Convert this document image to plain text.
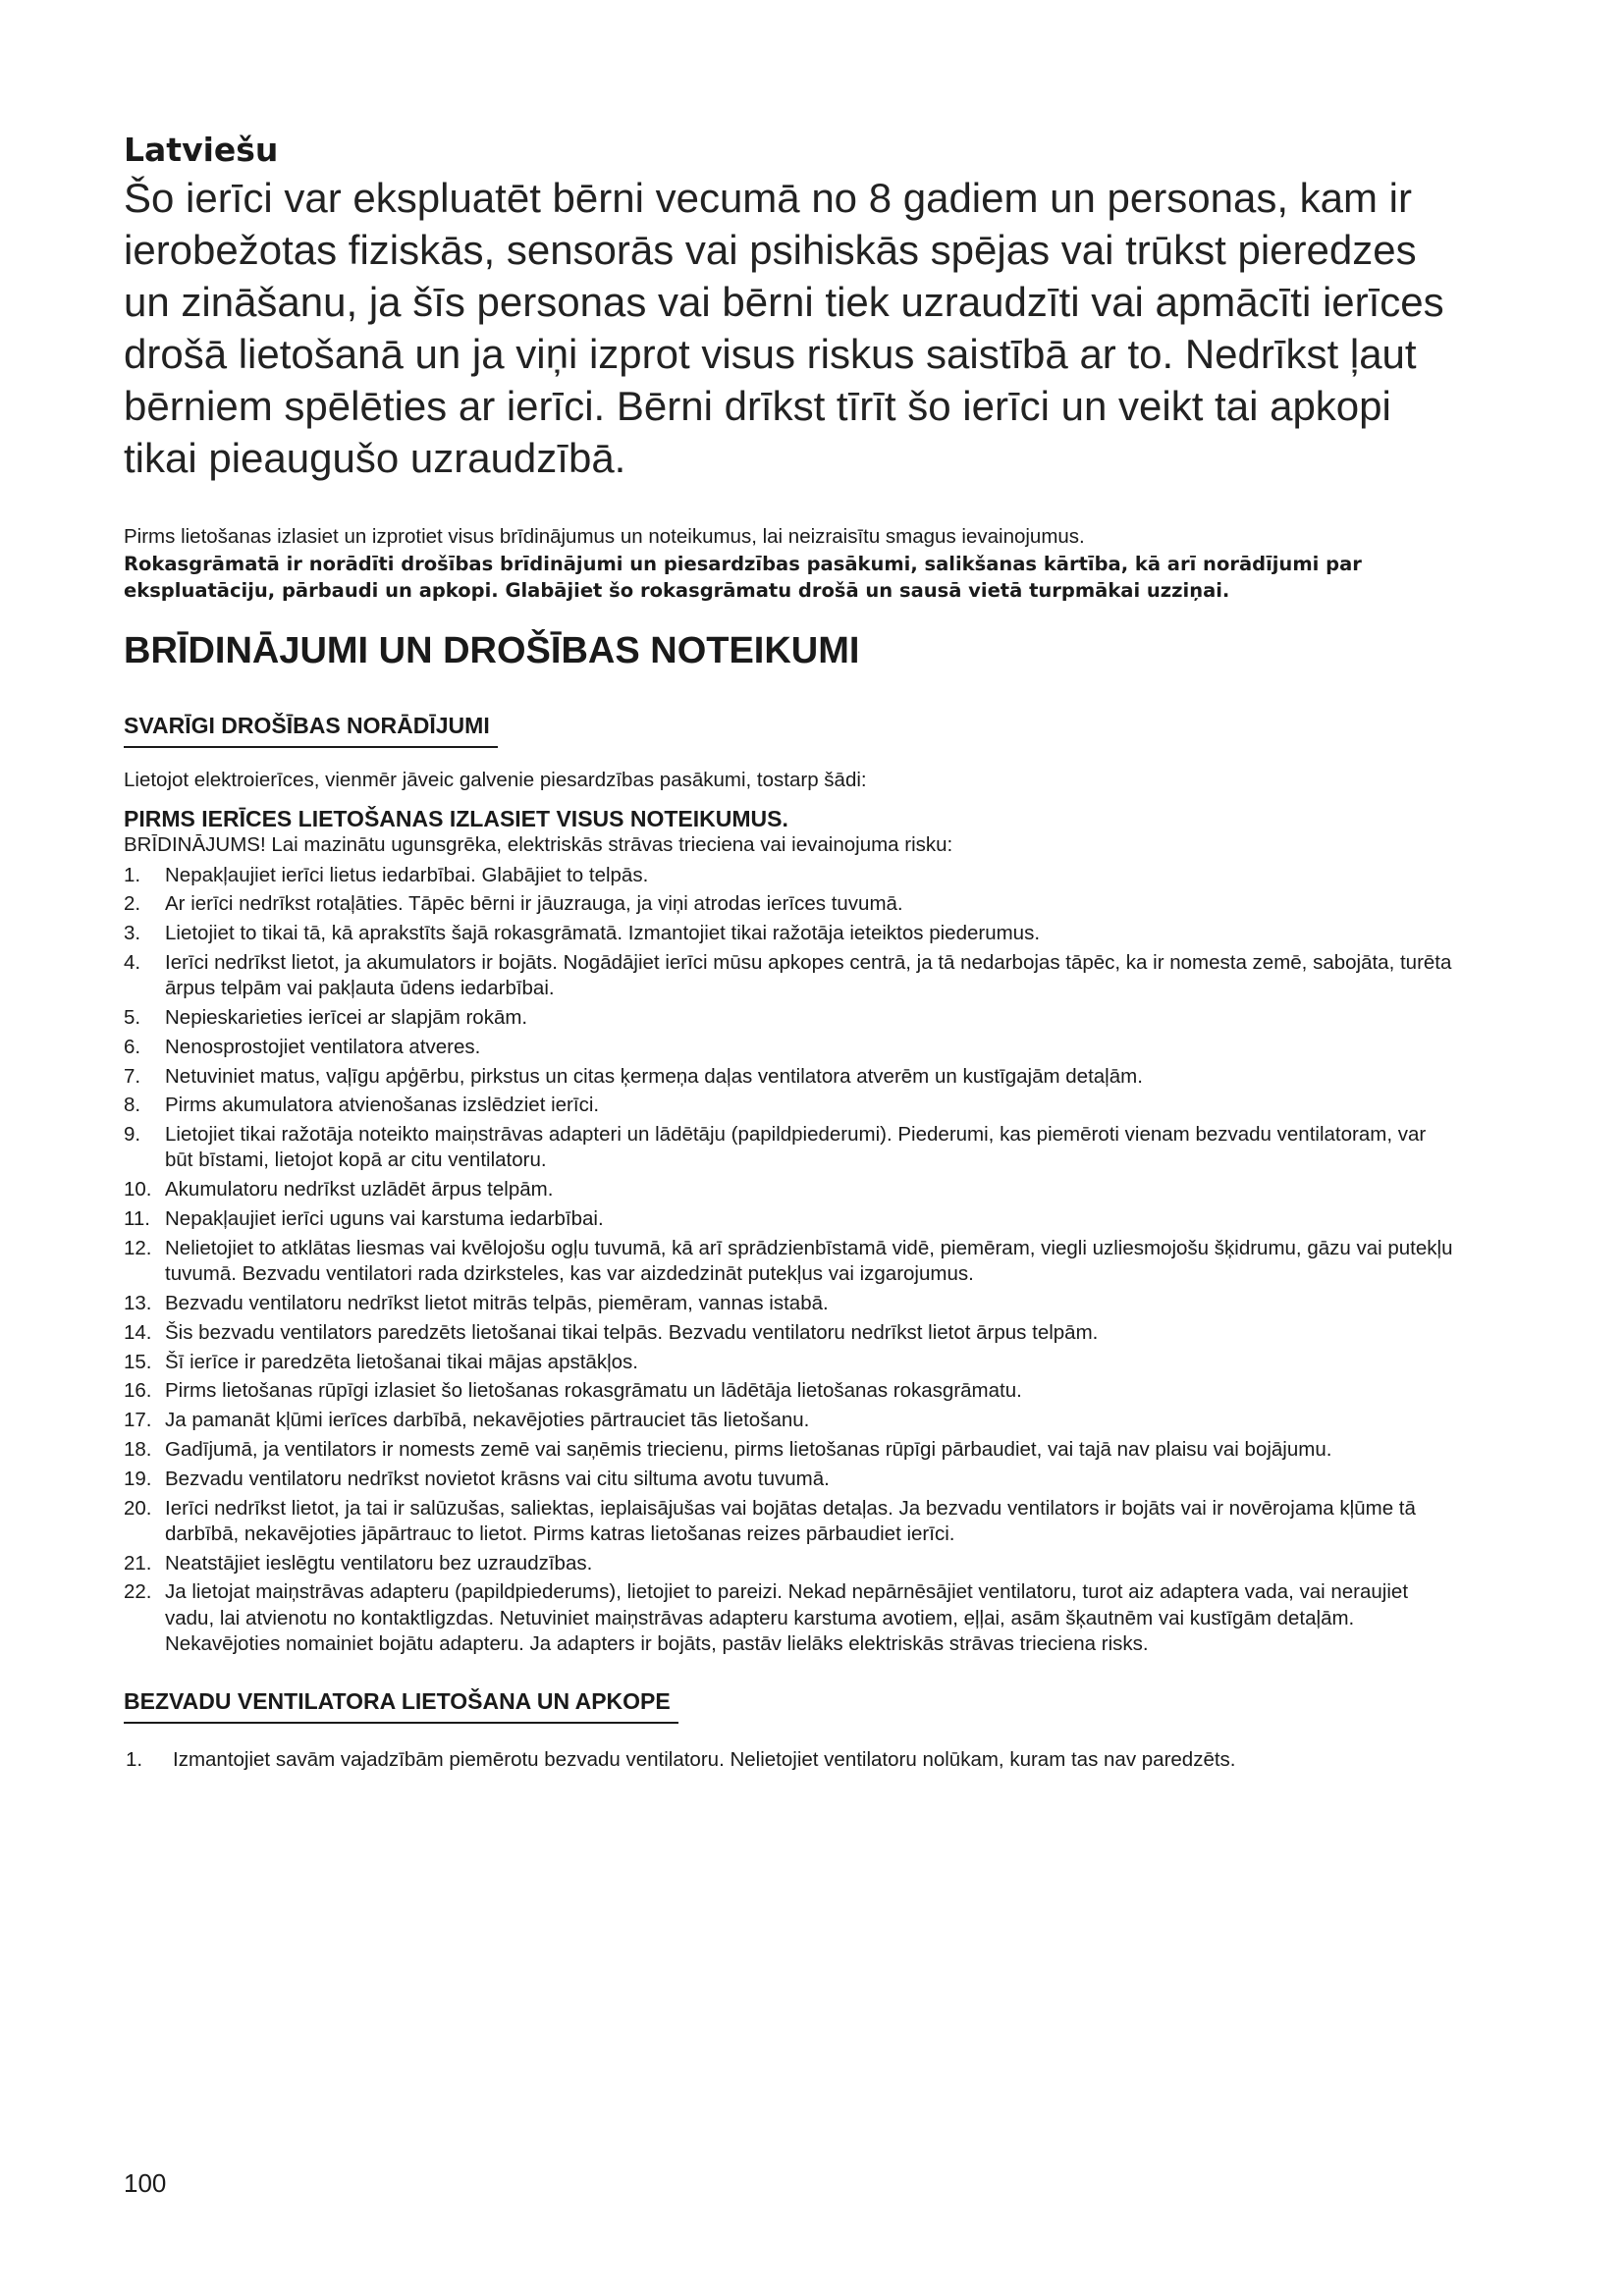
Latviešu

Šo ierīci var ekspluatēt bērni vecumā no 8 gadiem un personas, kam ir ierobežotas fiziskās, sensorās vai psihiskās spējas vai trūkst pieredzes un zināšanu, ja šīs personas vai bērni tiek uzraudzīti vai apmācīti ierīces drošā lietošanā un ja viņi izprot visus riskus saistībā ar to. Nedrīkst ļaut bērniem spēlēties ar ierīci. Bērni drīkst tīrīt šo ierīci un veikt tai apkopi tikai pieaugušo uzraudzībā.

Pirms lietošanas izlasiet un izprotiet visus brīdinājumus un noteikumus, lai neizraisītu smagus ievainojumus.

Rokasgrāmatā ir norādīti drošības brīdinājumi un piesardzības pasākumi, salikšanas kārtība, kā arī norādījumi par ekspluatāciju, pārbaudi un apkopi. Glabājiet šo rokasgrāmatu drošā un sausā vietā turpmākai uzziņai.

BRĪDINĀJUMI UN DROŠĪBAS NOTEIKUMI
SVARĪGI DROŠĪBAS NORĀDĪJUMI
Lietojot elektroierīces, vienmēr jāveic galvenie piesardzības pasākumi, tostarp šādi:
PIRMS IERĪCES LIETOŠANAS IZLASIET VISUS NOTEIKUMUS.
BRĪDINĀJUMS! Lai mazinātu ugunsgrēka, elektriskās strāvas trieciena vai ievainojuma risku:
1.	Nepakļaujiet ierīci lietus iedarbībai. Glabājiet to telpās.
2.	Ar ierīci nedrīkst rotaļāties. Tāpēc bērni ir jāuzrauga, ja viņi atrodas ierīces tuvumā.
3.	Lietojiet to tikai tā, kā aprakstīts šajā rokasgrāmatā. Izmantojiet tikai ražotāja ieteiktos piederumus.
4.	Ierīci nedrīkst lietot, ja akumulators ir bojāts. Nogādājiet ierīci mūsu apkopes centrā, ja tā nedarbojas tāpēc, ka ir nomesta zemē, sabojāta, turēta ārpus telpām vai pakļauta ūdens iedarbībai.
5.	Nepieskarieties ierīcei ar slapjām rokām.
6.	Nenosprostojiet ventilatora atveres.
7.	Netuviniet matus, vaļīgu apģērbu, pirkstus un citas ķermeņa daļas ventilatora atverēm un kustīgajām detaļām.
8.	Pirms akumulatora atvienošanas izslēdziet ierīci.
9.	Lietojiet tikai ražotāja noteikto maiņstrāvas adapteri un lādētāju (papildpiederumi). Piederumi, kas piemēroti vienam bezvadu ventilatoram, var būt bīstami, lietojot kopā ar citu ventilatoru.
10. Akumulatoru nedrīkst uzlādēt ārpus telpām.
11. Nepakļaujiet ierīci uguns vai karstuma iedarbībai.
12. Nelietojiet to atklātas liesmas vai kvēlojošu ogļu tuvumā, kā arī sprādzienbīstamā vidē, piemēram, viegli uzliesmojošu šķidrumu, gāzu vai putekļu tuvumā. Bezvadu ventilatori rada dzirksteles, kas var aizdedzināt putekļus vai izgarojumus.
13. Bezvadu ventilatoru nedrīkst lietot mitrās telpās, piemēram, vannas istabā.
14. Šis bezvadu ventilators paredzēts lietošanai tikai telpās. Bezvadu ventilatoru nedrīkst lietot ārpus telpām.
15. Šī ierīce ir paredzēta lietošanai tikai mājas apstākļos.
16. Pirms lietošanas rūpīgi izlasiet šo lietošanas rokasgrāmatu un lādētāja lietošanas rokasgrāmatu.
17. Ja pamanāt kļūmi ierīces darbībā, nekavējoties pārtrauciet tās lietošanu.
18. Gadījumā, ja ventilators ir nomests zemē vai saņēmis triecienu, pirms lietošanas rūpīgi pārbaudiet, vai tajā nav plaisu vai bojājumu.
19. Bezvadu ventilatoru nedrīkst novietot krāsns vai citu siltuma avotu tuvumā.
20. Ierīci nedrīkst lietot, ja tai ir salūzušas, saliektas, ieplaisājušas vai bojātas detaļas. Ja bezvadu ventilators ir bojāts vai ir novērojama kļūme tā darbībā, nekavējoties jāpārtrauc to lietot. Pirms katras lietošanas reizes pārbaudiet ierīci.
21. Neatstājiet ieslēgtu ventilatoru bez uzraudzības.
22. Ja lietojat maiņstrāvas adapteru (papildpiederums), lietojiet to pareizi. Nekad nepārnēsājiet ventilatoru, turot aiz adaptera vada, vai neraujiet vadu, lai atvienotu no kontaktligzdas. Netuviniet maiņstrāvas adapteru karstuma avotiem, eļļai, asām šķautnēm vai kustīgām detaļām. Nekavējoties nomainiet bojātu adapteru. Ja adapters ir bojāts, pastāv lielāks elektriskās strāvas trieciena risks.
BEZVADU VENTILATORA LIETOŠANA UN APKOPE
1.	Izmantojiet savām vajadzībām piemērotu bezvadu ventilatoru. Nelietojiet ventilatoru nolūkam, kuram tas nav paredzēts.
100
